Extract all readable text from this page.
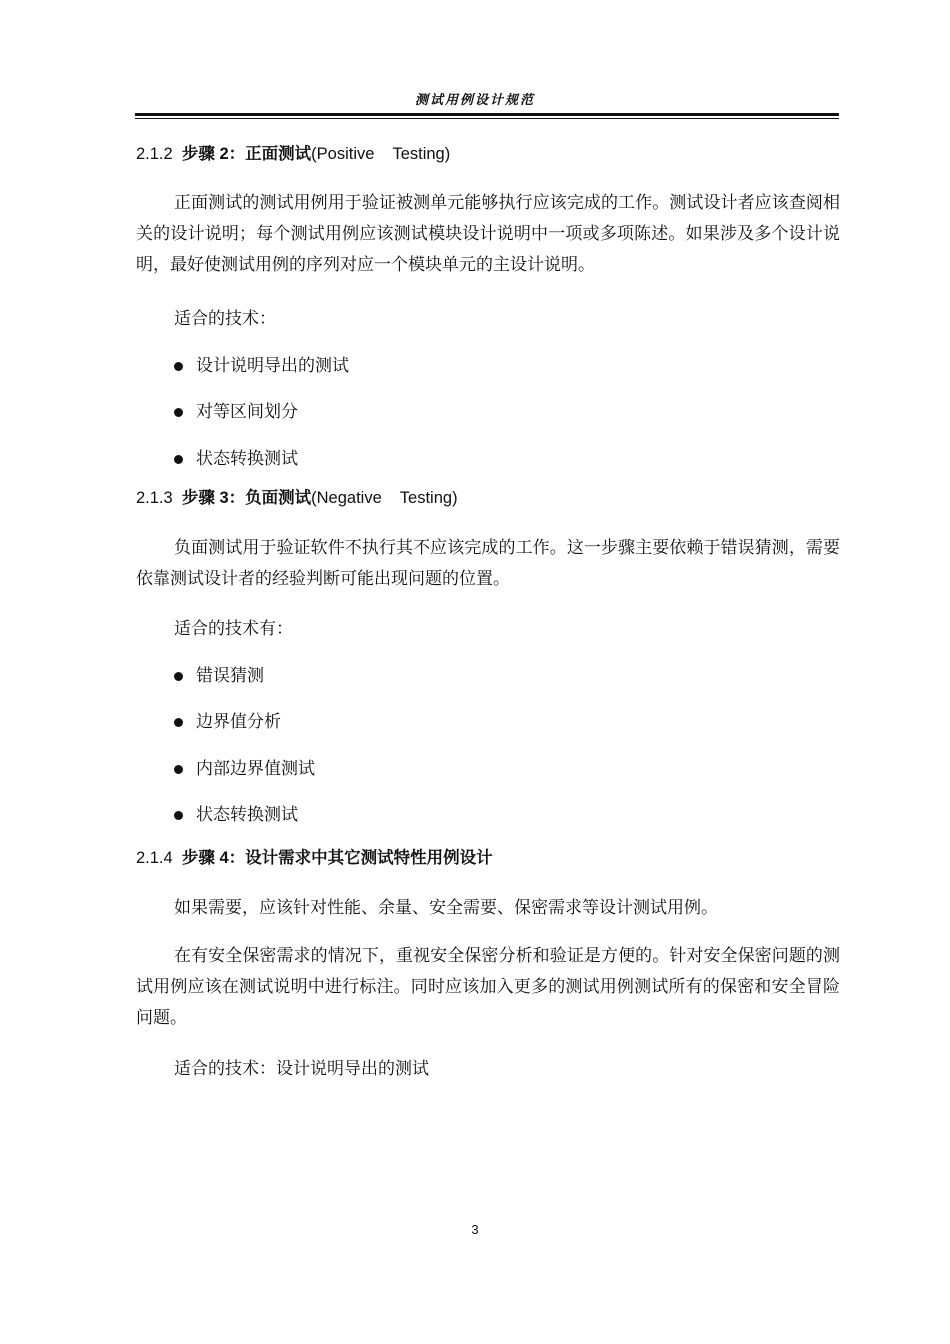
测试用例设计规范
2.1.2 步骤 2：正面测试(Positive    Testing)
正面测试的测试用例用于验证被测单元能够执行应该完成的工作。测试设计者应该查阅相关的设计说明；每个测试用例应该测试模块设计说明中一项或多项陈述。如果涉及多个设计说明，最好使测试用例的序列对应一个模块单元的主设计说明。
适合的技术：
设计说明导出的测试
对等区间划分
状态转换测试
2.1.3 步骤 3：负面测试(Negative    Testing)
负面测试用于验证软件不执行其不应该完成的工作。这一步骤主要依赖于错误猜测，需要依靠测试设计者的经验判断可能出现问题的位置。
适合的技术有：
错误猜测
边界值分析
内部边界值测试
状态转换测试
2.1.4 步骤 4：设计需求中其它测试特性用例设计
如果需要，应该针对性能、余量、安全需要、保密需求等设计测试用例。
在有安全保密需求的情况下，重视安全保密分析和验证是方便的。针对安全保密问题的测试用例应该在测试说明中进行标注。同时应该加入更多的测试用例测试所有的保密和安全冒险问题。
适合的技术：设计说明导出的测试
3
